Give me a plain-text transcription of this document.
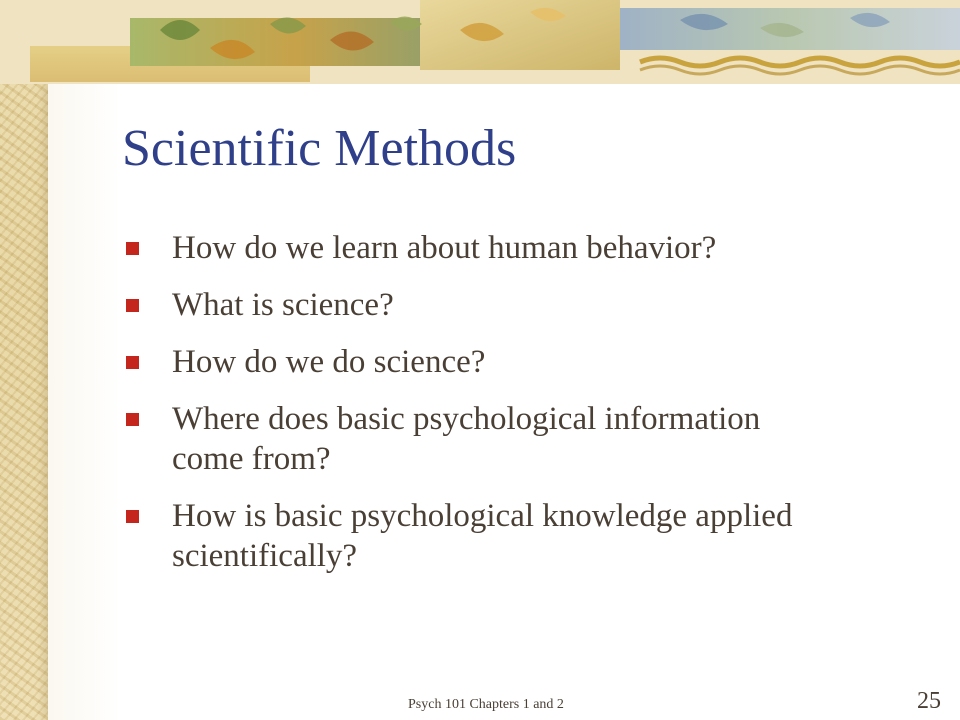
Scientific Methods
How do we learn about human behavior?
What is science?
How do we do science?
Where does basic psychological information come from?
How is basic psychological knowledge applied scientifically?
Psych 101 Chapters 1 and 2	25
